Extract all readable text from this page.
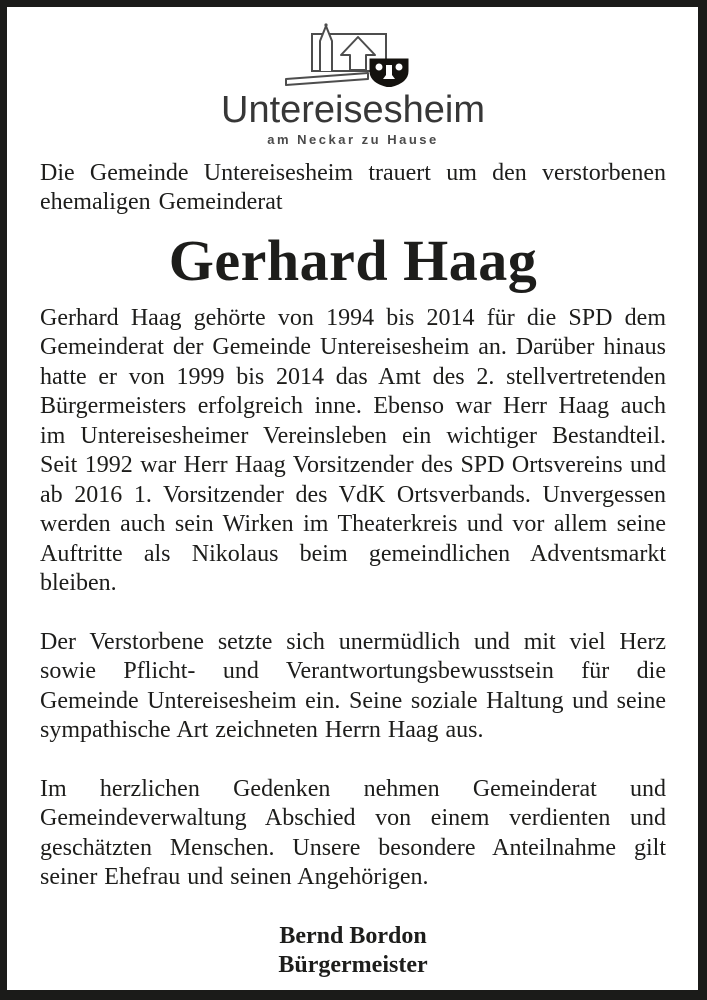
Untereisesheim
am Neckar zu Hause

Die Gemeinde Untereisesheim trauert um den verstorbenen ehemaligen Gemeinderat

Gerhard Haag

Gerhard Haag gehörte von 1994 bis 2014 für die SPD dem Gemeinderat der Gemeinde Untereisesheim an. Darüber hinaus hatte er von 1999 bis 2014 das Amt des 2. stellvertretenden Bürgermeisters erfolgreich inne. Ebenso war Herr Haag auch im Untereisesheimer Vereinsleben ein wichtiger Bestandteil. Seit 1992 war Herr Haag Vorsitzender des SPD Ortsvereins und ab 2016 1. Vorsitzender des VdK Ortsverbands. Unvergessen werden auch sein Wirken im Theaterkreis und vor allem seine Auftritte als Nikolaus beim gemeindlichen Adventsmarkt bleiben.

Der Verstorbene setzte sich unermüdlich und mit viel Herz sowie Pflicht- und Verantwortungsbewusstsein für die Gemeinde Untereisesheim ein. Seine soziale Haltung und seine sympathische Art zeichneten Herrn Haag aus.

Im herzlichen Gedenken nehmen Gemeinderat und Gemeindeverwaltung Abschied von einem verdienten und geschätzten Menschen. Unsere besondere Anteilnahme gilt seiner Ehefrau und seinen Angehörigen.

Bernd Bordon
Bürgermeister
